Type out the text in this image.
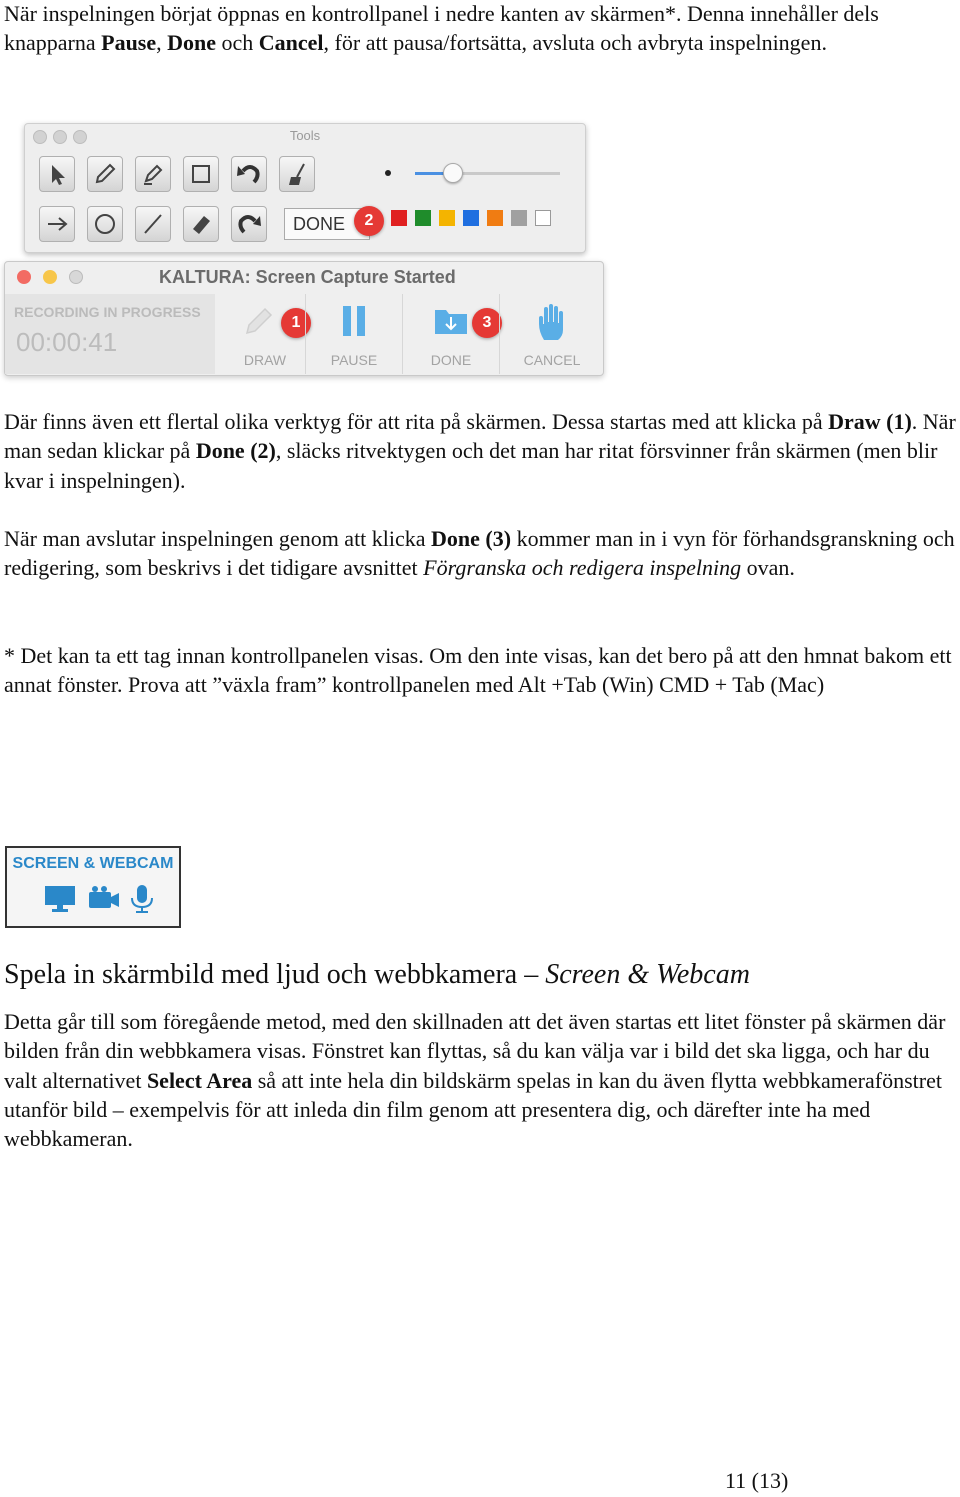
När inspelningen börjat öppnas en kontrollpanel i nedre kanten av skärmen*. Denna innehåller dels knapparna Pause, Done och Cancel, för att pausa/fortsätta, avsluta och avbryta inspelningen.

Tools
DONE	2
KALTURA: Screen Capture Started
RECORDING IN PROGRESS
00:00:41
DRAW
1
PAUSE	DONE
3
CANCEL

Där finns även ett flertal olika verktyg för att rita på skärmen. Dessa startas med att klicka på Draw (1). När man sedan klickar på Done (2), släcks ritvektygen och det man har ritat försvinner från skärmen (men blir kvar i inspelningen).

När man avslutar inspelningen genom att klicka Done (3) kommer man in i vyn för förhandsgranskning och redigering, som beskrivs i det tidigare avsnittet Förgranska och redigera inspelning ovan.

* Det kan ta ett tag innan kontrollpanelen visas. Om den inte visas, kan det bero på att den hmnat bakom ett annat fönster. Prova att ”växla fram” kontrollpanelen med Alt +Tab (Win) CMD + Tab (Mac)

SCREEN & WEBCAM
Spela in skärmbild med ljud och webbkamera – Screen & Webcam

Detta går till som föregående metod, med den skillnaden att det även startas ett litet fönster på skärmen där bilden från din webbkamera visas. Fönstret kan flyttas, så du kan välja var i bild det ska ligga, och har du valt alternativet Select Area så att inte hela din bildskärm spelas in kan du även flytta webbkamerafönstret utanför bild – exempelvis för att inleda din film genom att presentera dig, och därefter inte ha med webbkameran.

11 (13)
